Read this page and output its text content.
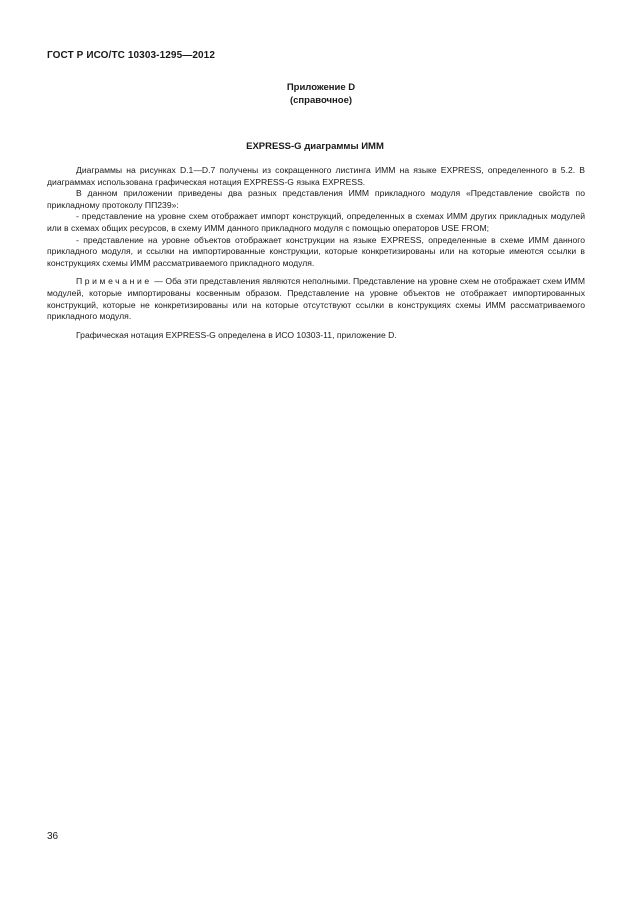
ГОСТ Р ИСО/ТС 10303-1295—2012
Приложение D
(справочное)
EXPRESS-G диаграммы ИММ

Диаграммы на рисунках D.1—D.7 получены из сокращенного листинга ИММ на языке EXPRESS, определенного в 5.2. В диаграммах использована графическая нотация EXPRESS-G языка EXPRESS.

В данном приложении приведены два разных представления ИММ прикладного модуля «Представление свойств по прикладному протоколу ПП239»:

- представление на уровне схем отображает импорт конструкций, определенных в схемах ИММ других прикладных модулей или в схемах общих ресурсов, в схему ИММ данного прикладного модуля с помощью операторов USE FROM;

- представление на уровне объектов отображает конструкции на языке EXPRESS, определенные в схеме ИММ данного прикладного модуля, и ссылки на импортированные конструкции, которые конкретизированы или на которые имеются ссылки в конструкциях схемы ИММ рассматриваемого прикладного модуля.

Примечание — Оба эти представления являются неполными. Представление на уровне схем не отображает схем ИММ модулей, которые импортированы косвенным образом. Представление на уровне объектов не отображает импортированных конструкций, которые не конкретизированы или на которые отсутствуют ссылки в конструкциях схемы ИММ рассматриваемого прикладного модуля.

Графическая нотация EXPRESS-G определена в ИСО 10303-11, приложение D.

36
